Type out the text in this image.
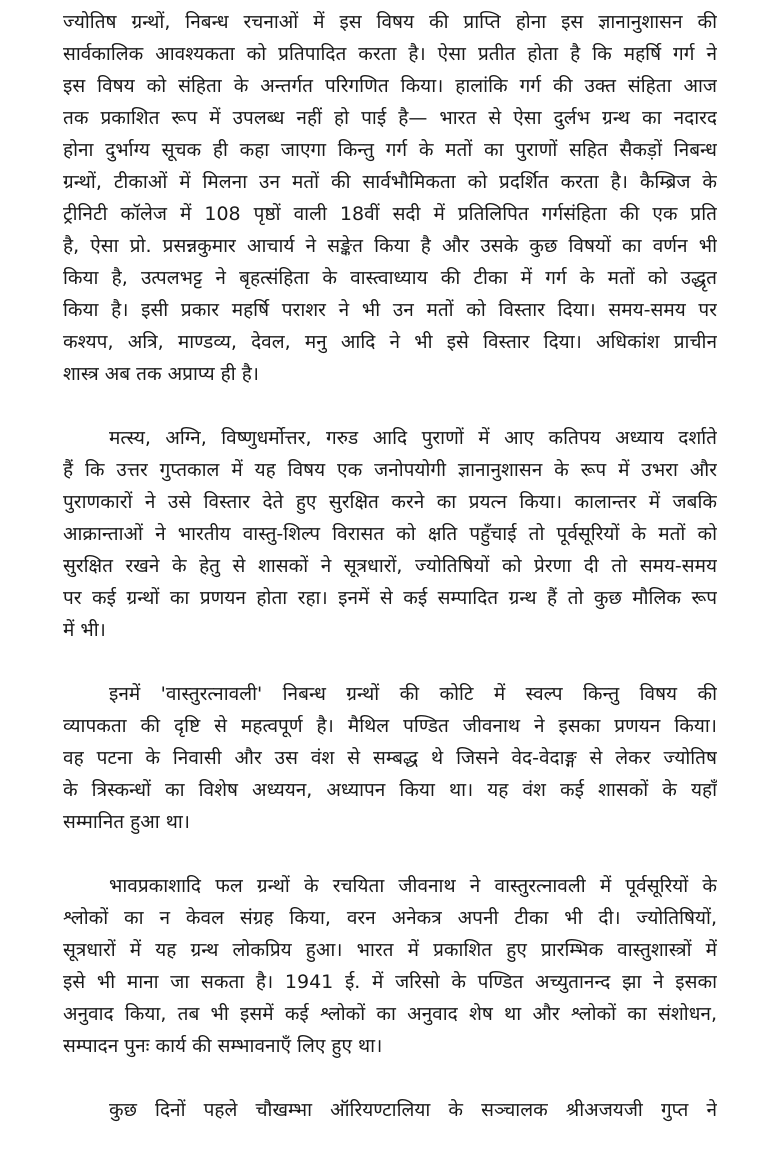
ज्योतिष ग्रन्थों, निबन्ध रचनाओं में इस विषय की प्राप्ति होना इस ज्ञानानुशासन की
सार्वकालिक आवश्यकता को प्रतिपादित करता है। ऐसा प्रतीत होता है कि महर्षि गर्ग ने
इस विषय को संहिता के अन्तर्गत परिगणित किया। हालांकि गर्ग की उक्त संहिता आज
तक प्रकाशित रूप में उपलब्ध नहीं हो पाई है— भारत से ऐसा दुर्लभ ग्रन्थ का नदारद
होना दुर्भाग्य सूचक ही कहा जाएगा किन्तु गर्ग के मतों का पुराणों सहित सैकड़ों निबन्ध
ग्रन्थों, टीकाओं में मिलना उन मतों की सार्वभौमिकता को प्रदर्शित करता है। कैम्ब्रिज के
ट्रीनिटी कॉलेज में 108 पृष्ठों वाली 18वीं सदी में प्रतिलिपित गर्गसंहिता की एक प्रति
है, ऐसा प्रो. प्रसन्नकुमार आचार्य ने सङ्केत किया है और उसके कुछ विषयों का वर्णन भी
किया है, उत्पलभट्ट ने बृहत्संहिता के वास्त्वाध्याय की टीका में गर्ग के मतों को उद्धृत
किया है। इसी प्रकार महर्षि पराशर ने भी उन मतों को विस्तार दिया। समय-समय पर
कश्यप, अत्रि, माण्डव्य, देवल, मनु आदि ने भी इसे विस्तार दिया। अधिकांश प्राचीन
शास्त्र अब तक अप्राप्य ही है।
मत्स्य, अग्नि, विष्णुधर्मोत्तर, गरुड आदि पुराणों में आए कतिपय अध्याय दर्शाते
हैं कि उत्तर गुप्तकाल में यह विषय एक जनोपयोगी ज्ञानानुशासन के रूप में उभरा और
पुराणकारों ने उसे विस्तार देते हुए सुरक्षित करने का प्रयत्न किया। कालान्तर में जबकि
आक्रान्ताओं ने भारतीय वास्तु-शिल्प विरासत को क्षति पहुँचाई तो पूर्वसूरियों के मतों को
सुरक्षित रखने के हेतु से शासकों ने सूत्रधारों, ज्योतिषियों को प्रेरणा दी तो समय-समय
पर कई ग्रन्थों का प्रणयन होता रहा। इनमें से कई सम्पादित ग्रन्थ हैं तो कुछ मौलिक रूप
में भी।
इनमें 'वास्तुरत्नावली' निबन्ध ग्रन्थों की कोटि में स्वल्प किन्तु विषय की
व्यापकता की दृष्टि से महत्वपूर्ण है। मैथिल पण्डित जीवनाथ ने इसका प्रणयन किया।
वह पटना के निवासी और उस वंश से सम्बद्ध थे जिसने वेद-वेदाङ्ग से लेकर ज्योतिष
के त्रिस्कन्धों का विशेष अध्ययन, अध्यापन किया था। यह वंश कई शासकों के यहाँ
सम्मानित हुआ था।
भावप्रकाशादि फल ग्रन्थों के रचयिता जीवनाथ ने वास्तुरत्नावली में पूर्वसूरियों के
श्लोकों का न केवल संग्रह किया, वरन अनेकत्र अपनी टीका भी दी। ज्योतिषियों,
सूत्रधारों में यह ग्रन्थ लोकप्रिय हुआ। भारत में प्रकाशित हुए प्रारम्भिक वास्तुशास्त्रों में
इसे भी माना जा सकता है। 1941 ई. में जरिसो के पण्डित अच्युतानन्द झा ने इसका
अनुवाद किया, तब भी इसमें कई श्लोकों का अनुवाद शेष था और श्लोकों का संशोधन,
सम्पादन पुनः कार्य की सम्भावनाएँ लिए हुए था।
कुछ दिनों पहले चौखम्भा ऑरियण्टालिया के सञ्चालक श्रीअजयजी गुप्त ने
